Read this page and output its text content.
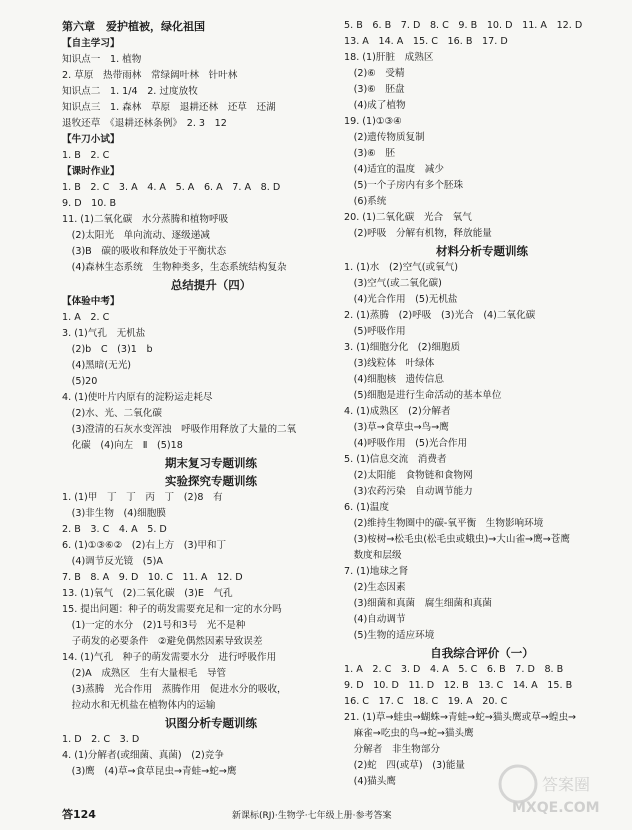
第六章　爱护植被，绿化祖国
【自主学习】
知识点一　1. 植物
2. 草原　热带雨林　常绿阔叶林　针叶林
知识点二　1. 1/4　2. 过度放牧
知识点三　1. 森林　草原　退耕还林　还草　还湖
退牧还草　《退耕还林条例》　2. 3　12
【牛刀小试】
1. B　2. C
【课时作业】
1. B　2. C　3. A　4. A　5. A　6. A　7. A　8. D
9. D　10. B
11. (1)二氧化碳　水分蒸腾和植物呼吸
　(2)太阳光　单向流动、逐级递减
　(3)B　碳的吸收和释放处于平衡状态
　(4)森林生态系统　生物种类多，生态系统结构复杂
总结提升（四）
【体验中考】
1. A　2. C
3. (1)气孔　无机盐
　(2)b　C　(3)1　b
　(4)黑暗(无光)
　(5)20
4. (1)使叶片内原有的淀粉运走耗尽
　(2)水、光、二氧化碳
　(3)澄清的石灰水变浑浊　呼吸作用释放了大量的二氧
　化碳　(4)向左　Ⅱ　(5)18
期末复习专题训练
实验探究专题训练
1. (1)甲　丁　丁　丙　丁　(2)8　有
　(3)非生物　(4)细胞膜
2. B　3. C　4. A　5. D
6. (1)①③⑥②　(2)右上方　(3)甲和丁
　(4)调节反光镜　(5)A
7. B　8. A　9. D　10. C　11. A　12. D
13. (1)氧气　(2)二氧化碳　(3)E　气孔
15. 提出问题：种子的萌发需要充足和一定的水分吗
　(1)一定的水分　(2)1号和3号　光不是种
　子萌发的必要条件　②避免偶然因素导致误差
14. (1)气孔　种子的萌发需要水分　进行呼吸作用
　(2)A　成熟区　生有大量根毛　导管
　(3)蒸腾　光合作用　蒸腾作用　促进水分的吸收，
　拉动水和无机盐在植物体内的运输
识图分析专题训练
1. D　2. C　3. D
4. (1)分解者(或细菌、真菌)　(2)竞争
　(3)鹰　(4)草→食草昆虫→青蛙→蛇→鹰
5. B　6. B　7. D　8. C　9. B　10. D　11. A　12. D
13. A　14. A　15. C　16. B　17. D
18. (1)肝脏　成熟区
　(2)⑥　受精
　(3)⑥　胚盘
　(4)成了植物
19. (1)①③④
　(2)遗传物质复制
　(3)⑥　胚
　(4)适宜的温度　减少
　(5)一个子房内有多个胚珠
　(6)系统
20. (1)二氧化碳　光合　氧气
　(2)呼吸　分解有机物，释放能量
材料分析专题训练
1. (1)水　(2)空气(或氧气)
　(3)空气(或二氧化碳)
　(4)光合作用　(5)无机盐
2. (1)蒸腾　(2)呼吸　(3)光合　(4)二氧化碳
　(5)呼吸作用
3. (1)细胞分化　(2)细胞质
　(3)线粒体　叶绿体
　(4)细胞核　遗传信息
　(5)细胞是进行生命活动的基本单位
4. (1)成熟区　(2)分解者
　(3)草→食草虫→鸟→鹰
　(4)呼吸作用　(5)光合作用
5. (1)信息交流　消费者
　(2)太阳能　食物链和食物网
　(3)农药污染　自动调节能力
6. (1)温度
　(2)维持生物圈中的碳-氧平衡　生物影响环境
　(3)桉树→松毛虫(松毛虫或蛾虫)→大山雀→鹰→苍鹰
　数度和层级
7. (1)地球之肾
　(2)生态因素
　(3)细菌和真菌　腐生细菌和真菌
　(4)自动调节
　(5)生物的适应环境
自我综合评价（一）
1. A　2. C　3. D　4. A　5. C　6. B　7. D　8. B
9. D　10. D　11. D　12. B　13. C　14. A　15. B
16. C　17. C　18. C　19. A　20. C
21. (1)草→蛙虫→蝴蛛→青蛙→蛇→猫头鹰或草→蝗虫→
　麻雀→吃虫的鸟→蛇→猫头鹰
　分解者　非生物部分
　(2)蛇　四(或草)　(3)能量
　(4)猫头鹰
答124	新课标(RJ)·生物学·七年级上册·参考答案
答案圈
MXQE.COM
